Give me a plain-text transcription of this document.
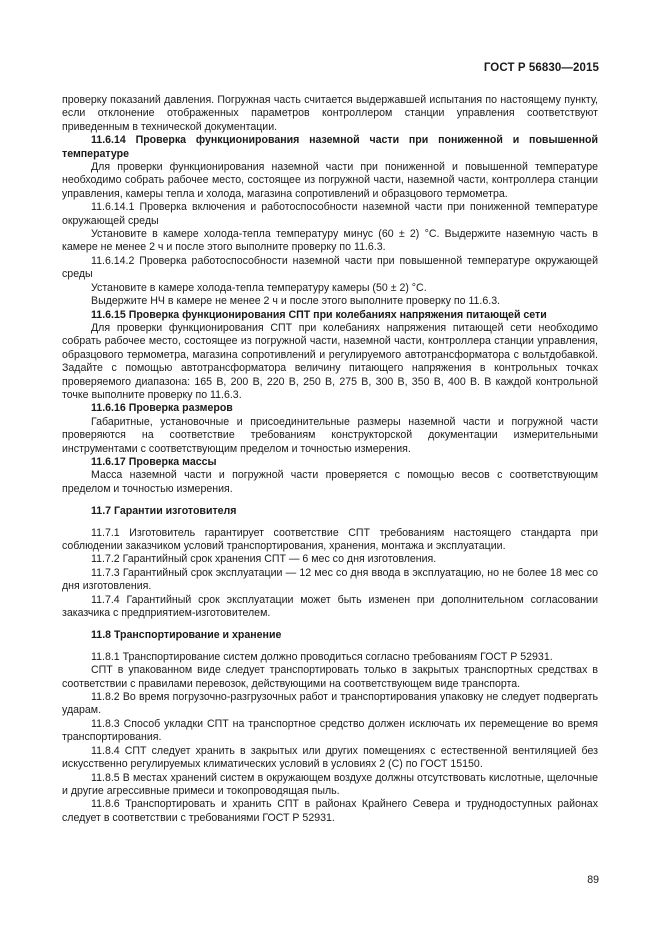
ГОСТ Р 56830—2015

проверку показаний давления. Погружная часть считается выдержавшей испытания по настоящему пункту, если отклонение отображенных параметров контроллером станции управления соответствуют приведенным в технической документации.

11.6.14 Проверка функционирования наземной части при пониженной и повышенной температуре

Для проверки функционирования наземной части при пониженной и повышенной температуре необходимо собрать рабочее место, состоящее из погружной части, наземной части, контроллера станции управления, камеры тепла и холода, магазина сопротивлений и образцового термометра.

11.6.14.1 Проверка включения и работоспособности наземной части при пониженной температуре окружающей среды

Установите в камере холода-тепла температуру минус (60 ± 2) °С. Выдержите наземную часть в камере не менее 2 ч и после этого выполните проверку по 11.6.3.

11.6.14.2 Проверка работоспособности наземной части при повышенной температуре окружающей среды

Установите в камере холода-тепла температуру камеры (50 ± 2) °С.

Выдержите НЧ в камере не менее 2 ч и после этого выполните проверку по 11.6.3.

11.6.15 Проверка функционирования СПТ при колебаниях напряжения питающей сети

Для проверки функционирования СПТ при колебаниях напряжения питающей сети необходимо собрать рабочее место, состоящее из погружной части, наземной части, контроллера станции управления, образцового термометра, магазина сопротивлений и регулируемого автотрансформатора с вольтдобавкой. Задайте с помощью автотрансформатора величину питающего напряжения в контрольных точках проверяемого диапазона: 165 В, 200 В, 220 В, 250 В, 275 В, 300 В, 350 В, 400 В. В каждой контрольной точке выполните проверку по 11.6.3.

11.6.16 Проверка размеров

Габаритные, установочные и присоединительные размеры наземной части и погружной части проверяются на соответствие требованиям конструкторской документации измерительными инструментами с соответствующим пределом и точностью измерения.

11.6.17 Проверка массы

Масса наземной части и погружной части проверяется с помощью весов с соответствующим пределом и точностью измерения.

11.7 Гарантии изготовителя

11.7.1 Изготовитель гарантирует соответствие СПТ требованиям настоящего стандарта при соблюдении заказчиком условий транспортирования, хранения, монтажа и эксплуатации.

11.7.2 Гарантийный срок хранения СПТ — 6 мес со дня изготовления.

11.7.3 Гарантийный срок эксплуатации — 12 мес со дня ввода в эксплуатацию, но не более 18 мес со дня изготовления.

11.7.4 Гарантийный срок эксплуатации может быть изменен при дополнительном согласовании заказчика с предприятием-изготовителем.

11.8 Транспортирование и хранение

11.8.1 Транспортирование систем должно проводиться согласно требованиям ГОСТ Р 52931.

СПТ в упакованном виде следует транспортировать только в закрытых транспортных средствах в соответствии с правилами перевозок, действующими на соответствующем виде транспорта.

11.8.2 Во время погрузочно-разгрузочных работ и транспортирования упаковку не следует подвергать ударам.

11.8.3 Способ укладки СПТ на транспортное средство должен исключать их перемещение во время транспортирования.

11.8.4 СПТ следует хранить в закрытых или других помещениях с естественной вентиляцией без искусственно регулируемых климатических условий в условиях 2 (С) по ГОСТ 15150.

11.8.5 В местах хранений систем в окружающем воздухе должны отсутствовать кислотные, щелочные и другие агрессивные примеси и токопроводящая пыль.

11.8.6 Транспортировать и хранить СПТ в районах Крайнего Севера и труднодоступных районах следует в соответствии с требованиями ГОСТ Р 52931.

89
